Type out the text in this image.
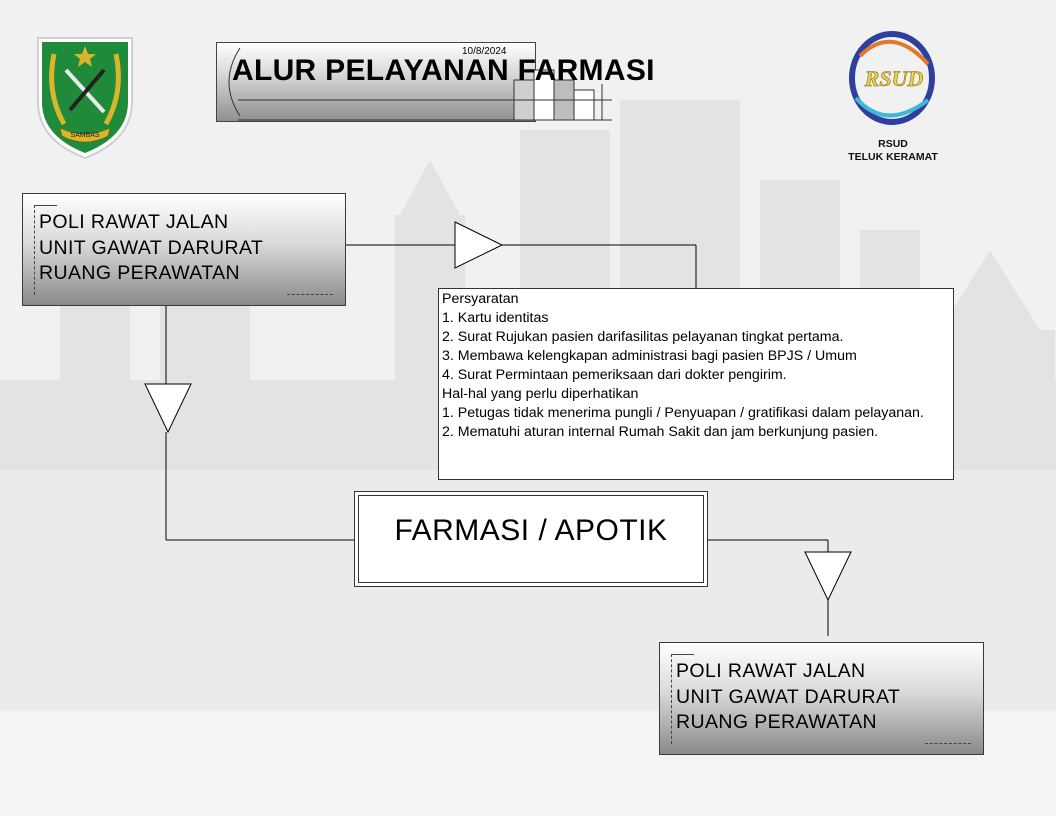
SAMBAS
10/8/2024
ALUR PELAYANAN FARMASI	RSUD
RSUD
TELUK KERAMAT
POLI RAWAT JALAN
UNIT GAWAT DARURAT
RUANG PERAWATAN
Persyaratan
1. Kartu identitas
2. Surat Rujukan pasien darifasilitas pelayanan tingkat pertama.
3. Membawa kelengkapan administrasi bagi pasien BPJS / Umum
4. Surat Permintaan pemeriksaan dari dokter pengirim.
Hal-hal yang perlu diperhatikan
1. Petugas tidak menerima pungli / Penyuapan / gratifikasi dalam pelayanan.
2. Mematuhi aturan internal Rumah Sakit dan jam berkunjung pasien.
FARMASI / APOTIK
POLI RAWAT JALAN
UNIT GAWAT DARURAT
RUANG PERAWATAN
